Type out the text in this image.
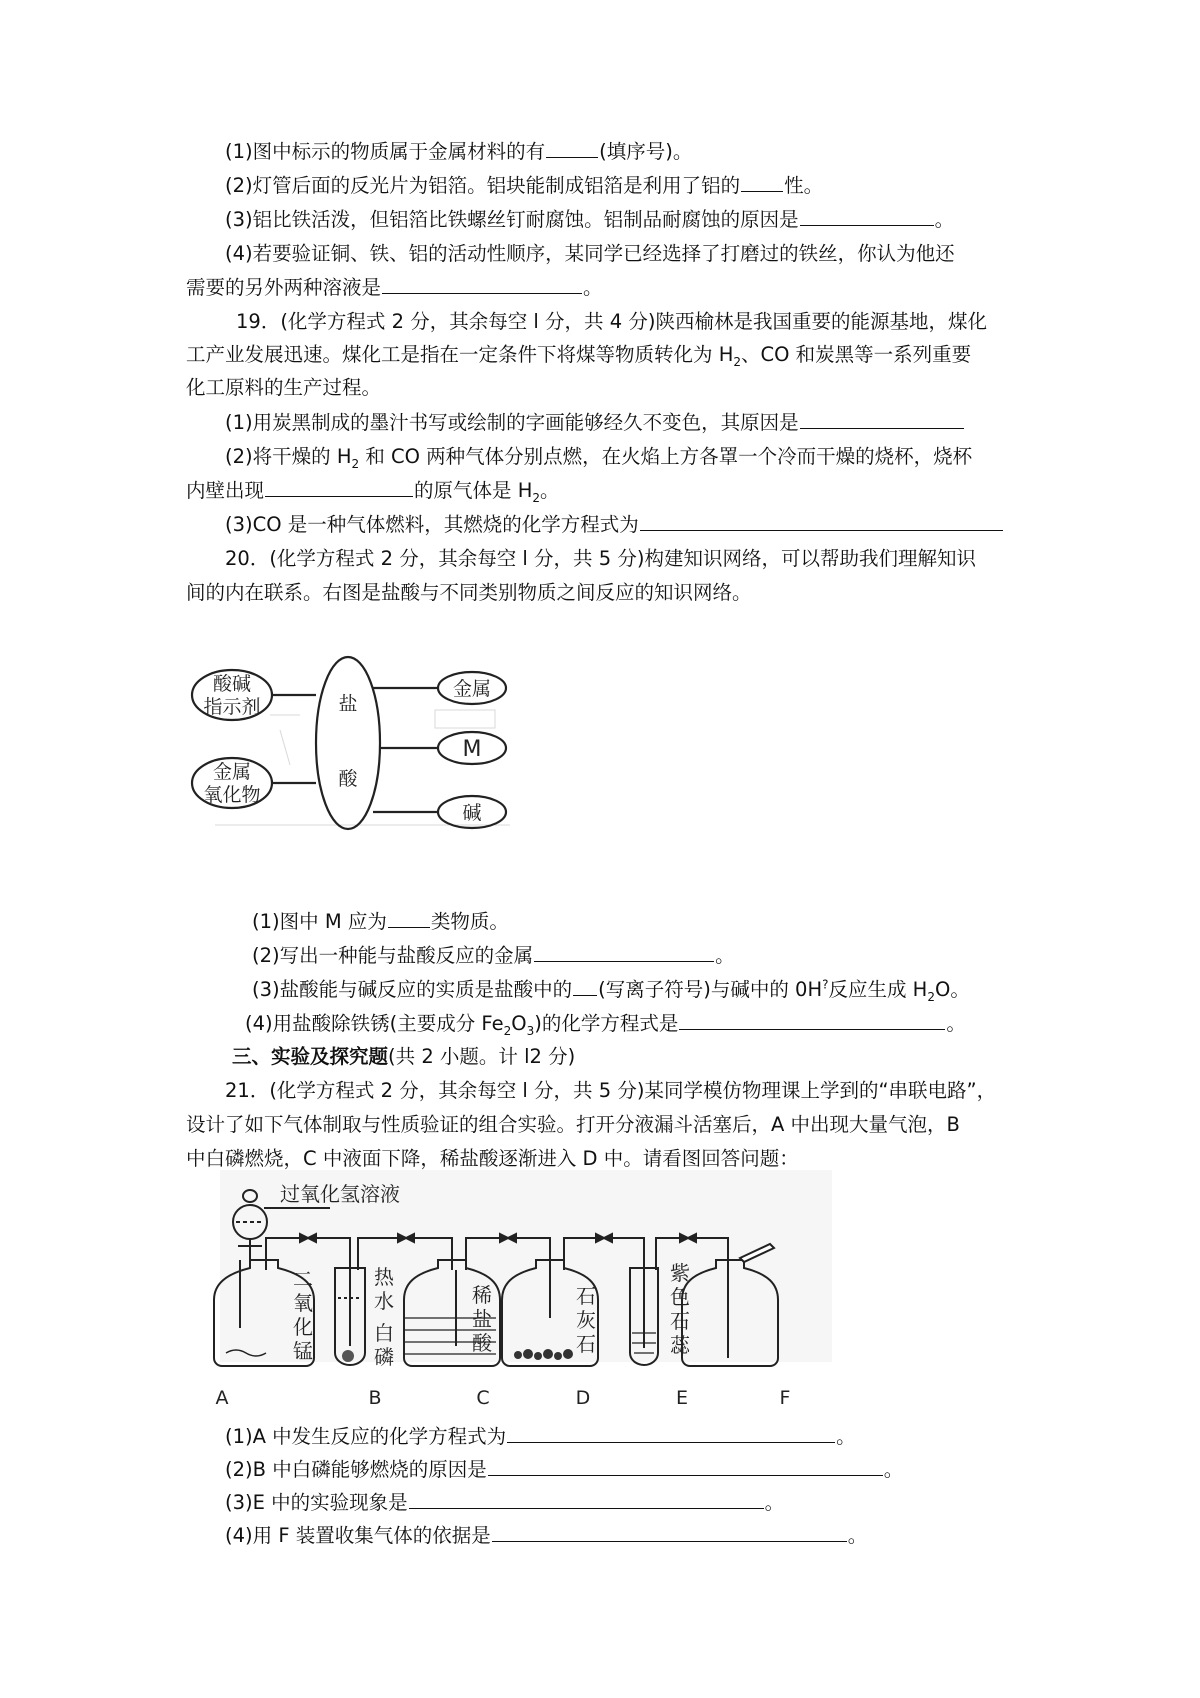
(1)图中标示的物质属于金属材料的有	(填序号)。
(2)灯管后面的反光片为铝箔。铝块能制成铝箔是利用了铝的 性。
(3)铝比铁活泼，但铝箔比铁螺丝钉耐腐蚀。铝制品耐腐蚀的原因是	。
(4)若要验证铜、铁、铝的活动性顺序，某同学已经选择了打磨过的铁丝，你认为他还
需要的另外两种溶液是	。
19．(化学方程式 2 分，其余每空 l 分，共 4 分)陕西榆林是我国重要的能源基地，煤化
工产业发展迅速。煤化工是指在一定条件下将煤等物质转化为 $H_2$、CO 和炭黑等一系列重要
化工原料的生产过程。
(1)用炭黑制成的墨汁书写或绘制的字画能够经久不变色，其原因是
(2)将干燥的 $H_2$ 和 CO 两种气体分别点燃，在火焰上方各罩一个冷而干燥的烧杯，烧杯
内壁出现	的原气体是 $H_2$。
(3)CO 是一种气体燃料，其燃烧的化学方程式为
20．(化学方程式 2 分，其余每空 l 分，共 5 分)构建知识网络，可以帮助我们理解知识
间的内在联系。右图是盐酸与不同类别物质之间反应的知识网络。
酸碱
指示剂
金属
氧化物
盐
酸
金属
M
碱
(1)图中 M 应为 类物质。
(2)写出一种能与盐酸反应的金属	。
(3)盐酸能与碱反应的实质是盐酸中的 (写离子符号)与碱中的 0H?反应生成 $H_2O$。
(4)用盐酸除铁锈(主要成分 $Fe_2O_3$)的化学方程式是	。
三、实验及探究题(共 2 小题。计 l2 分)
21．(化学方程式 2 分，其余每空 l 分，共 5 分)某同学模仿物理课上学到的“串联电路”，
设计了如下气体制取与性质验证的组合实验。打开分液漏斗活塞后，A 中出现大量气泡，B
中白磷燃烧，C 中液面下降，稀盐酸逐渐进入 D 中。请看图回答问题：
过氧化氢溶液
二
氧
化
锰
热
水
白
磷
稀
盐
酸
石
灰
石
紫
色
石
蕊
A	B	C	D	E	F
(1)A 中发生反应的化学方程式为	。
(2)B 中白磷能够燃烧的原因是	。
(3)E 中的实验现象是	。
(4)用 F 装置收集气体的依据是	。
